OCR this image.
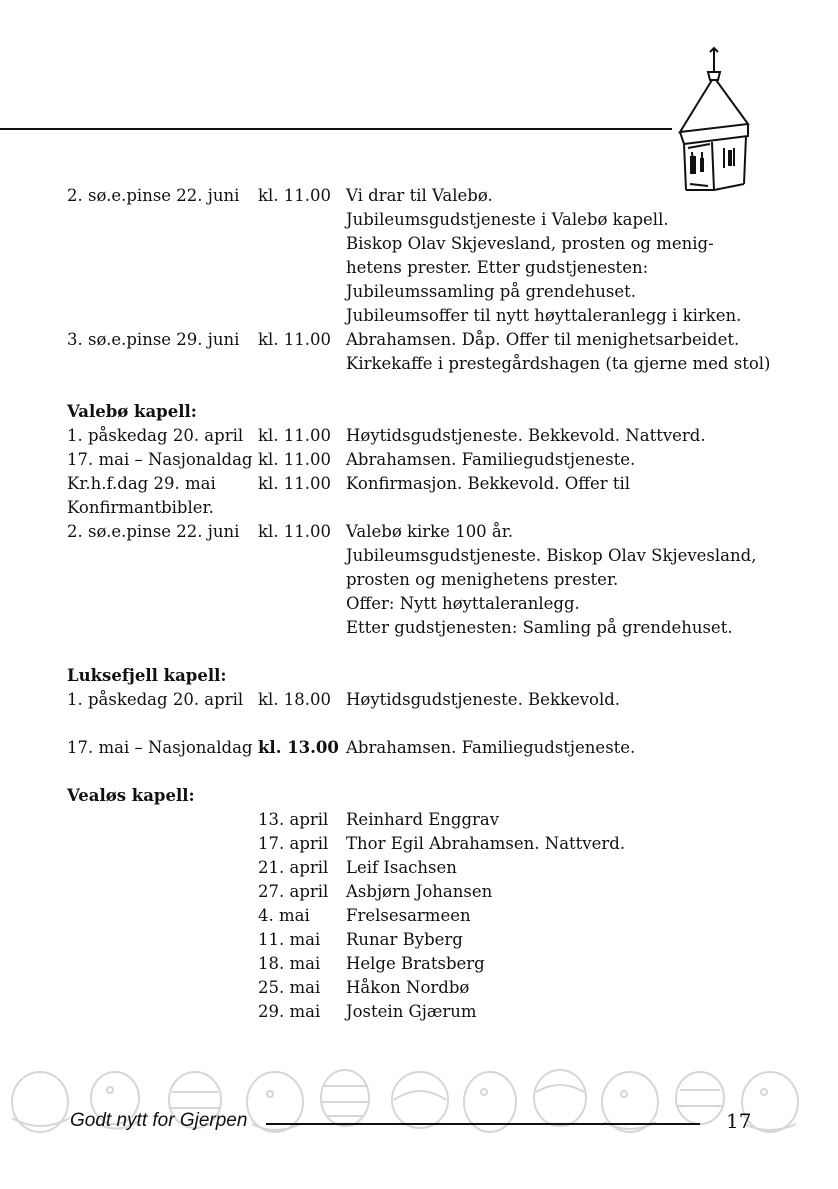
2. sø.e.pinse 22. juni kl. 11.00 Vi drar til Valebø.
Jubileumsgudstjeneste i Valebø kapell.
Biskop Olav Skjevesland, prosten og menig-
hetens prester. Etter gudstjenesten:
Jubileumssamling på grendehuset.
Jubileumsoffer til nytt høyttaleranlegg i kirken.
3. sø.e.pinse 29. juni kl. 11.00 Abrahamsen. Dåp. Offer til menighetsarbeidet.
Kirkekaffe i prestegårdshagen (ta gjerne med stol)
Valebø kapell:
1. påskedag 20. april kl. 11.00 Høytidsgudstjeneste. Bekkevold. Nattverd.
17. mai – Nasjonaldag kl. 11.00 Abrahamsen. Familiegudstjeneste.
Kr.h.f.dag 29. mai	kl. 11.00 Konfirmasjon. Bekkevold. Offer til
Konfirmantbibler.
2. sø.e.pinse 22. juni kl. 11.00 Valebø kirke 100 år.
Jubileumsgudstjeneste. Biskop Olav Skjevesland,
prosten og menighetens prester.
Offer: Nytt høyttaleranlegg.
Etter gudstjenesten: Samling på grendehuset.
Luksefjell kapell:
1. påskedag 20. april kl. 18.00 Høytidsgudstjeneste. Bekkevold.
17. mai – Nasjonaldag kl. 13.00 Abrahamsen. Familiegudstjeneste.
Vealøs kapell:
13. april Reinhard Enggrav
17. april Thor Egil Abrahamsen. Nattverd.
21. april Leif Isachsen
27. april Asbjørn Johansen
4. mai Frelsesarmeen
11. mai Runar Byberg
18. mai Helge Bratsberg
25. mai Håkon Nordbø
29. mai Jostein Gjærum
Godt nytt for Gjerpen	17
